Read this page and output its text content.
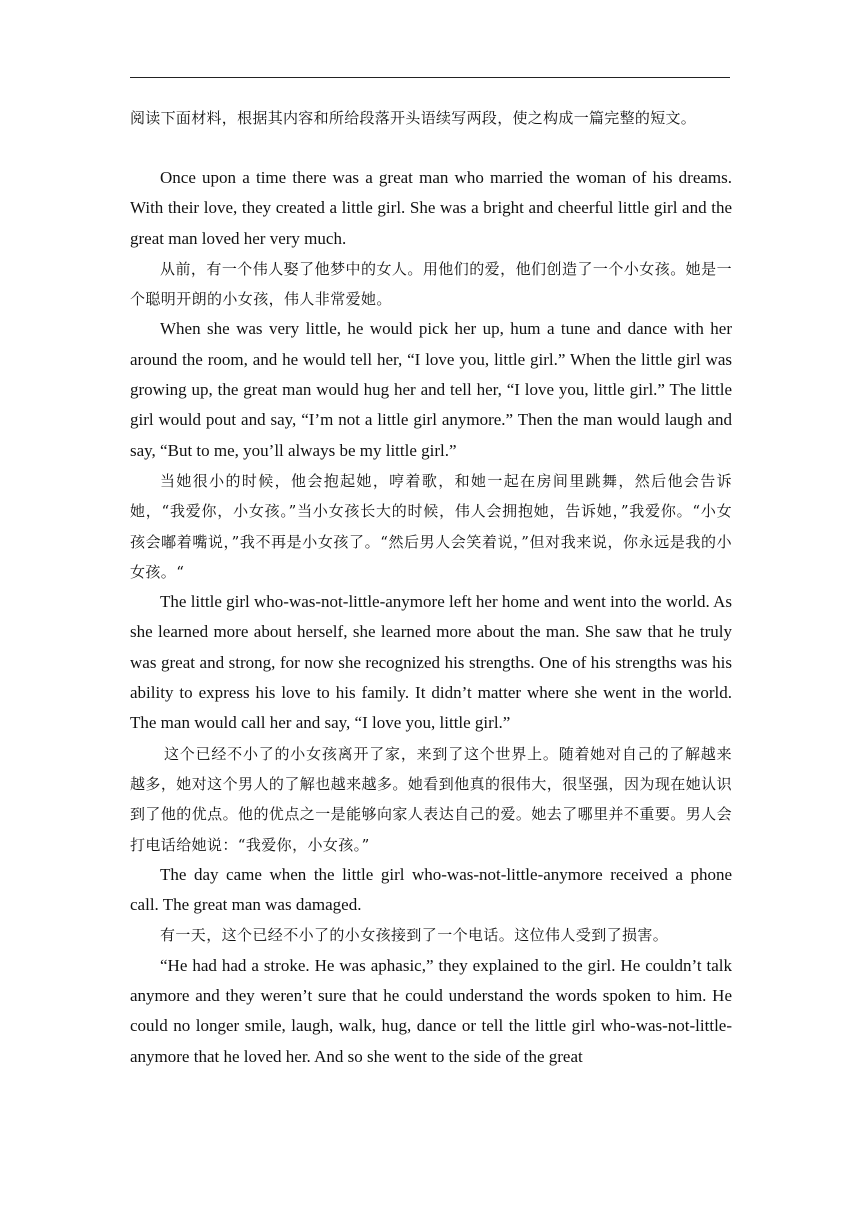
阅读下面材料，根据其内容和所给段落开头语续写两段，使之构成一篇完整的短文。

Once upon a time there was a great man who married the woman of his dreams. With their love, they created a little girl. She was a bright and cheerful little girl and the great man loved her very much.

从前，有一个伟人娶了他梦中的女人。用他们的爱，他们创造了一个小女孩。她是一个聪明开朗的小女孩，伟人非常爱她。

When she was very little, he would pick her up, hum a tune and dance with her around the room, and he would tell her, “I love you, little girl.” When the little girl was growing up, the great man would hug her and tell her, “I love you, little girl.” The little girl would pout and say, “I’m not a little girl anymore.” Then the man would laugh and say, “But to me, you’ll always be my little girl.”

当她很小的时候，他会抱起她，哼着歌，和她一起在房间里跳舞，然后他会告诉她，“我爱你，小女孩。”当小女孩长大的时候，伟人会拥抱她，告诉她，”我爱你。“小女孩会嘟着嘴说，”我不再是小女孩了。“然后男人会笑着说，”但对我来说，你永远是我的小女孩。“

The little girl who-was-not-little-anymore left her home and went into the world. As she learned more about herself, she learned more about the man. She saw that he truly was great and strong, for now she recognized his strengths. One of his strengths was his ability to express his love to his family. It didn’t matter where she went in the world. The man would call her and say, “I love you, little girl.”

这个已经不小了的小女孩离开了家，来到了这个世界上。随着她对自己的了解越来越多，她对这个男人的了解也越来越多。她看到他真的很伟大，很坚强，因为现在她认识到了他的优点。他的优点之一是能够向家人表达自己的爱。她去了哪里并不重要。男人会打电话给她说：“我爱你，小女孩。”

The day came when the little girl who-was-not-little-anymore received a phone call. The great man was damaged.

有一天，这个已经不小了的小女孩接到了一个电话。这位伟人受到了损害。

“He had had a stroke. He was aphasic,” they explained to the girl. He couldn’t talk anymore and they weren’t sure that he could understand the words spoken to him. He could no longer smile, laugh, walk, hug, dance or tell the little girl who-was-not-little-anymore that he loved her. And so she went to the side of the great
